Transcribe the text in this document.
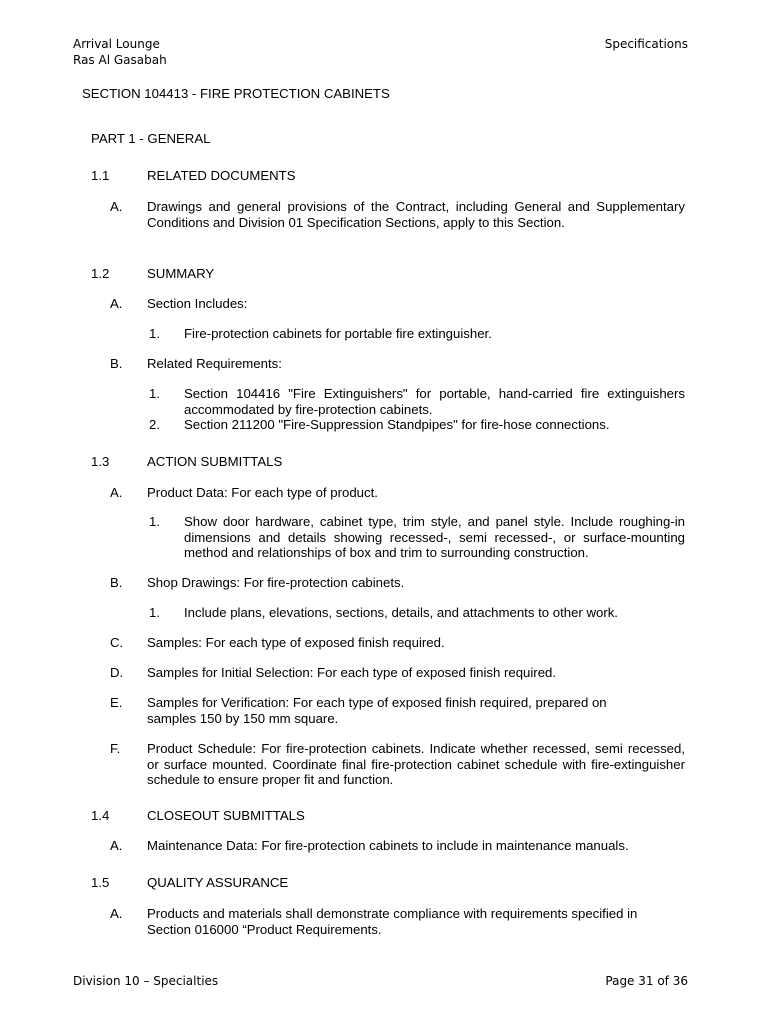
Arrival Lounge
Ras Al Gasabah
Specifications
SECTION 104413 - FIRE PROTECTION CABINETS
PART 1 - GENERAL
1.1	RELATED DOCUMENTS
A. Drawings and general provisions of the Contract, including General and Supplementary Conditions and Division 01 Specification Sections, apply to this Section.
1.2	SUMMARY
A. Section Includes:
1. Fire-protection cabinets for portable fire extinguisher.
B. Related Requirements:
1. Section 104416 "Fire Extinguishers" for portable, hand-carried fire extinguishers accommodated by fire-protection cabinets.
2. Section 211200 "Fire-Suppression Standpipes" for fire-hose connections.
1.3	ACTION SUBMITTALS
A. Product Data: For each type of product.
1. Show door hardware, cabinet type, trim style, and panel style. Include roughing-in dimensions and details showing recessed-, semi recessed-, or surface-mounting method and relationships of box and trim to surrounding construction.
B. Shop Drawings: For fire-protection cabinets.
1. Include plans, elevations, sections, details, and attachments to other work.
C. Samples: For each type of exposed finish required.
D. Samples for Initial Selection: For each type of exposed finish required.
E. Samples for Verification: For each type of exposed finish required, prepared on samples 150 by 150 mm square.
F. Product Schedule: For fire-protection cabinets. Indicate whether recessed, semi recessed, or surface mounted. Coordinate final fire-protection cabinet schedule with fire-extinguisher schedule to ensure proper fit and function.
1.4	CLOSEOUT SUBMITTALS
A. Maintenance Data: For fire-protection cabinets to include in maintenance manuals.
1.5	QUALITY ASSURANCE
A. Products and materials shall demonstrate compliance with requirements specified in Section 016000 “Product Requirements.
Division 10 – Specialties	Page 31 of 36
